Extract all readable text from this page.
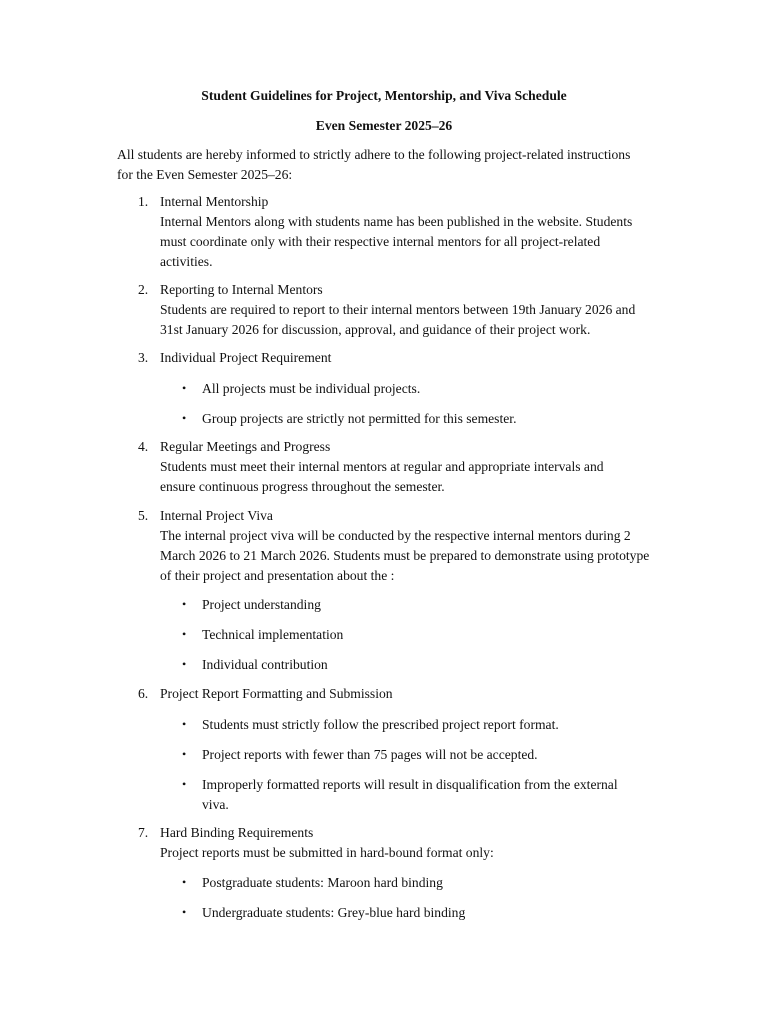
Student Guidelines for Project, Mentorship, and Viva Schedule
Even Semester 2025–26
All students are hereby informed to strictly adhere to the following project-related instructions for the Even Semester 2025–26:
1. Internal Mentorship
Internal Mentors along with students name has been published in the website. Students must coordinate only with their respective internal mentors for all project-related activities.
2. Reporting to Internal Mentors
Students are required to report to their internal mentors between 19th January 2026 and 31st January 2026 for discussion, approval, and guidance of their project work.
3. Individual Project Requirement
• All projects must be individual projects.
• Group projects are strictly not permitted for this semester.
4. Regular Meetings and Progress
Students must meet their internal mentors at regular and appropriate intervals and ensure continuous progress throughout the semester.
5. Internal Project Viva
The internal project viva will be conducted by the respective internal mentors during 2 March 2026 to 21 March 2026. Students must be prepared to demonstrate using prototype of their project and presentation about the :
• Project understanding
• Technical implementation
• Individual contribution
6. Project Report Formatting and Submission
• Students must strictly follow the prescribed project report format.
• Project reports with fewer than 75 pages will not be accepted.
• Improperly formatted reports will result in disqualification from the external viva.
7. Hard Binding Requirements
Project reports must be submitted in hard-bound format only:
• Postgraduate students: Maroon hard binding
• Undergraduate students: Grey-blue hard binding
